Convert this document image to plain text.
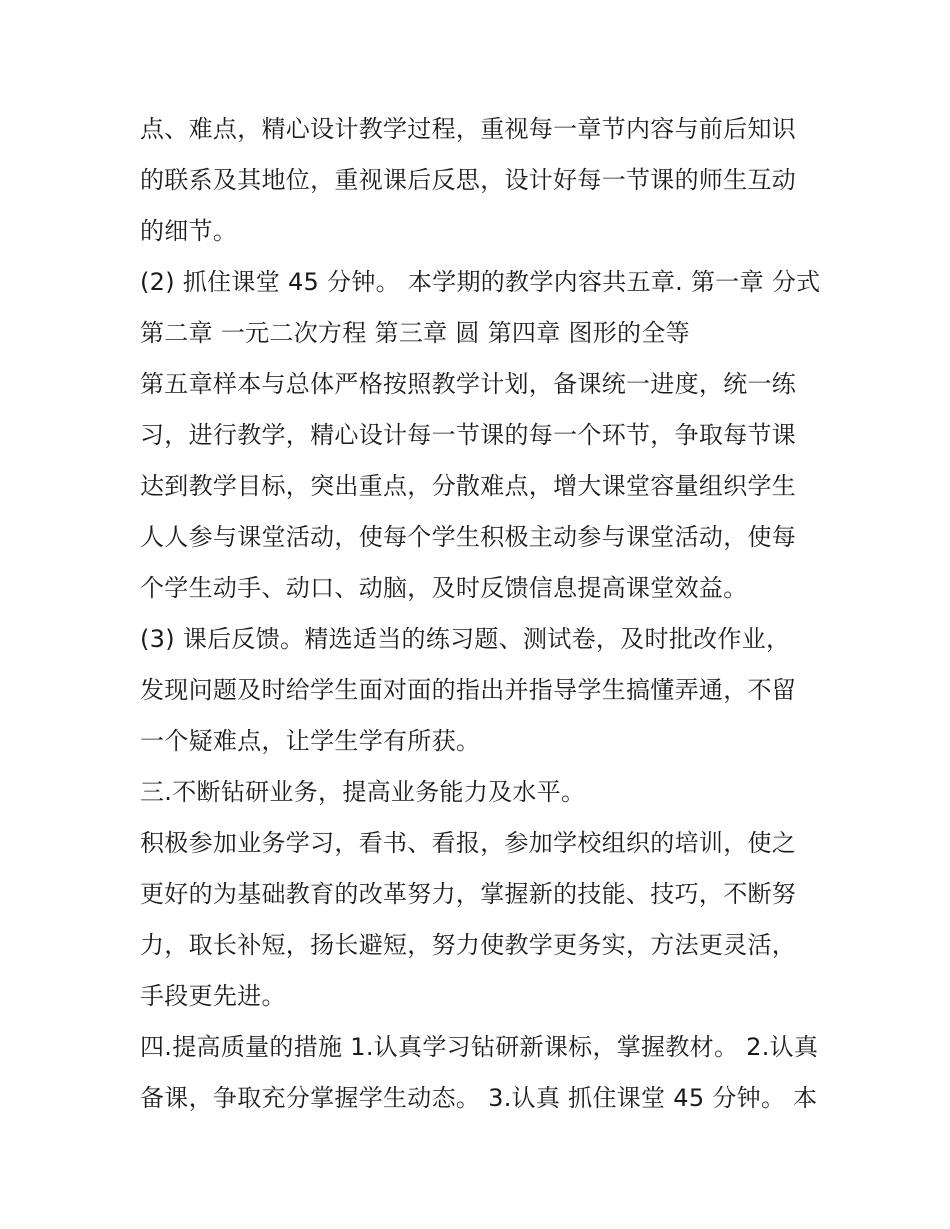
点、难点，精心设计教学过程，重视每一章节内容与前后知识
的联系及其地位，重视课后反思，设计好每一节课的师生互动
的细节。
(2) 抓住课堂 45 分钟。 本学期的教学内容共五章. 第一章 分式
第二章 一元二次方程 第三章 圆 第四章 图形的全等
第五章样本与总体严格按照教学计划，备课统一进度，统一练
习，进行教学，精心设计每一节课的每一个环节，争取每节课
达到教学目标，突出重点，分散难点，增大课堂容量组织学生
人人参与课堂活动，使每个学生积极主动参与课堂活动，使每
个学生动手、动口、动脑，及时反馈信息提高课堂效益。
(3) 课后反馈。精选适当的练习题、测试卷，及时批改作业，
发现问题及时给学生面对面的指出并指导学生搞懂弄通，不留
一个疑难点，让学生学有所获。
三.不断钻研业务，提高业务能力及水平。
积极参加业务学习，看书、看报，参加学校组织的培训，使之
更好的为基础教育的改革努力，掌握新的技能、技巧，不断努
力，取长补短，扬长避短，努力使教学更务实，方法更灵活，
手段更先进。
四.提高质量的措施 1.认真学习钻研新课标，掌握教材。 2.认真
备课，争取充分掌握学生动态。 3.认真 抓住课堂 45 分钟。 本
